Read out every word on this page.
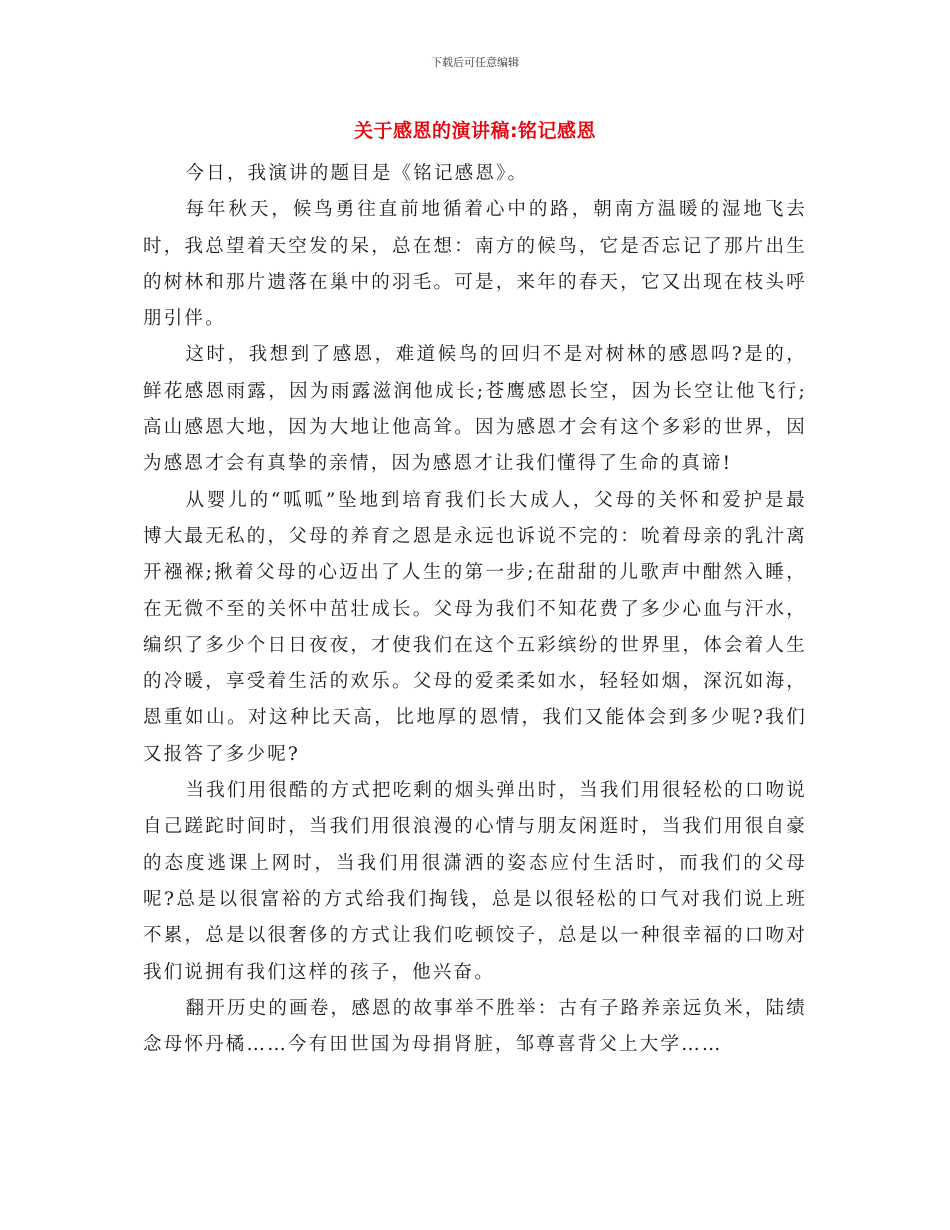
下载后可任意编辑
关于感恩的演讲稿:铭记感恩

今日，我演讲的题目是《铭记感恩》。

每年秋天，候鸟勇往直前地循着心中的路，朝南方温暖的湿地飞去时，我总望着天空发的呆，总在想：南方的候鸟，它是否忘记了那片出生的树林和那片遗落在巢中的羽毛。可是，来年的春天，它又出现在枝头呼朋引伴。

这时，我想到了感恩，难道候鸟的回归不是对树林的感恩吗?是的，鲜花感恩雨露，因为雨露滋润他成长;苍鹰感恩长空，因为长空让他飞行;高山感恩大地，因为大地让他高耸。因为感恩才会有这个多彩的世界，因为感恩才会有真挚的亲情，因为感恩才让我们懂得了生命的真谛!

从婴儿的“呱呱”坠地到培育我们长大成人，父母的关怀和爱护是最博大最无私的，父母的养育之恩是永远也诉说不完的：吮着母亲的乳汁离开襁褓;揪着父母的心迈出了人生的第一步;在甜甜的儿歌声中酣然入睡，在无微不至的关怀中茁壮成长。父母为我们不知花费了多少心血与汗水，编织了多少个日日夜夜，才使我们在这个五彩缤纷的世界里，体会着人生的冷暖，享受着生活的欢乐。父母的爱柔柔如水，轻轻如烟，深沉如海，恩重如山。对这种比天高，比地厚的恩情，我们又能体会到多少呢?我们又报答了多少呢?

当我们用很酷的方式把吃剩的烟头弹出时，当我们用很轻松的口吻说自己蹉跎时间时，当我们用很浪漫的心情与朋友闲逛时，当我们用很自豪的态度逃课上网时，当我们用很潇洒的姿态应付生活时，而我们的父母呢?总是以很富裕的方式给我们掏钱，总是以很轻松的口气对我们说上班不累，总是以很奢侈的方式让我们吃顿饺子，总是以一种很幸福的口吻对我们说拥有我们这样的孩子，他兴奋。

翻开历史的画卷，感恩的故事举不胜举：古有子路养亲远负米，陆绩念母怀丹橘……今有田世国为母捐肾脏，邹尊喜背父上大学……
